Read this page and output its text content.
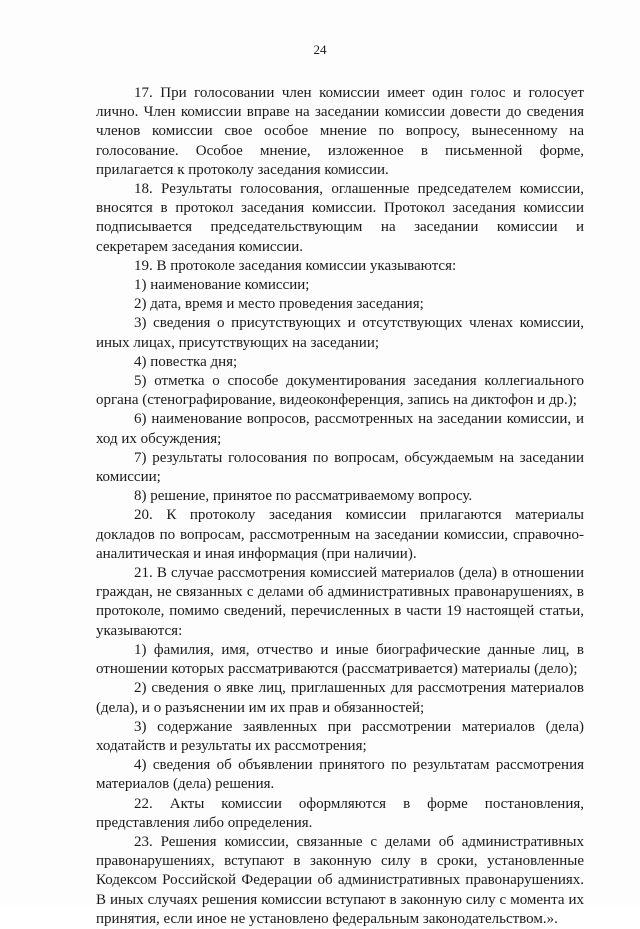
24

17. При голосовании член комиссии имеет один голос и голосует лично. Член комиссии вправе на заседании комиссии довести до сведения членов комиссии свое особое мнение по вопросу, вынесенному на голосование. Особое мнение, изложенное в письменной форме, прилагается к протоколу заседания комиссии.

18. Результаты голосования, оглашенные председателем комиссии, вносятся в протокол заседания комиссии. Протокол заседания комиссии подписывается председательствующим на заседании комиссии и секретарем заседания комиссии.

19. В протоколе заседания комиссии указываются:

1) наименование комиссии;

2) дата, время и место проведения заседания;

3) сведения о присутствующих и отсутствующих членах комиссии, иных лицах, присутствующих на заседании;

4) повестка дня;

5) отметка о способе документирования заседания коллегиального органа (стенографирование, видеоконференция, запись на диктофон и др.);

6) наименование вопросов, рассмотренных на заседании комиссии, и ход их обсуждения;

7) результаты голосования по вопросам, обсуждаемым на заседании комиссии;

8) решение, принятое по рассматриваемому вопросу.

20. К протоколу заседания комиссии прилагаются материалы докладов по вопросам, рассмотренным на заседании комиссии, справочно-аналитическая и иная информация (при наличии).

21. В случае рассмотрения комиссией материалов (дела) в отношении граждан, не связанных с делами об административных правонарушениях, в протоколе, помимо сведений, перечисленных в части 19 настоящей статьи, указываются:

1) фамилия, имя, отчество и иные биографические данные лиц, в отношении которых рассматриваются (рассматривается) материалы (дело);

2) сведения о явке лиц, приглашенных для рассмотрения материалов (дела), и о разъяснении им их прав и обязанностей;

3) содержание заявленных при рассмотрении материалов (дела) ходатайств и результаты их рассмотрения;

4) сведения об объявлении принятого по результатам рассмотрения материалов (дела) решения.

22. Акты комиссии оформляются в форме постановления, представления либо определения.

23. Решения комиссии, связанные с делами об административных правонарушениях, вступают в законную силу в сроки, установленные Кодексом Российской Федерации об административных правонарушениях. В иных случаях решения комиссии вступают в законную силу с момента их принятия, если иное не установлено федеральным законодательством.».
